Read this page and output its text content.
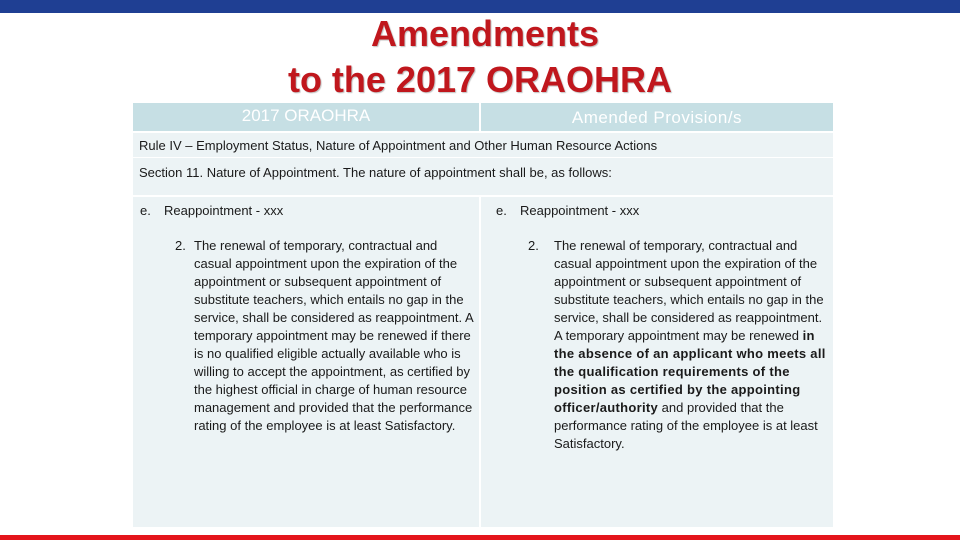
Amendments
to the 2017 ORAOHRA
2017 ORAOHRA	Amended Provision/s
Rule IV – Employment Status, Nature of Appointment and Other Human Resource Actions
Section 11. Nature of Appointment. The nature of appointment shall be, as follows:
e. Reappointment - xxx
2. The renewal of temporary, contractual and casual appointment upon the expiration of the appointment or subsequent appointment of substitute teachers, which entails no gap in the service, shall be considered as reappointment. A temporary appointment may be renewed if there is no qualified eligible actually available who is willing to accept the appointment, as certified by the highest official in charge of human resource management and provided that the performance rating of the employee is at least Satisfactory.
e. Reappointment - xxx
2. The renewal of temporary, contractual and casual appointment upon the expiration of the appointment or subsequent appointment of substitute teachers, which entails no gap in the service, shall be considered as reappointment. A temporary appointment may be renewed in the absence of an applicant who meets all the qualification requirements of the position as certified by the appointing officer/authority and provided that the performance rating of the employee is at least Satisfactory.
